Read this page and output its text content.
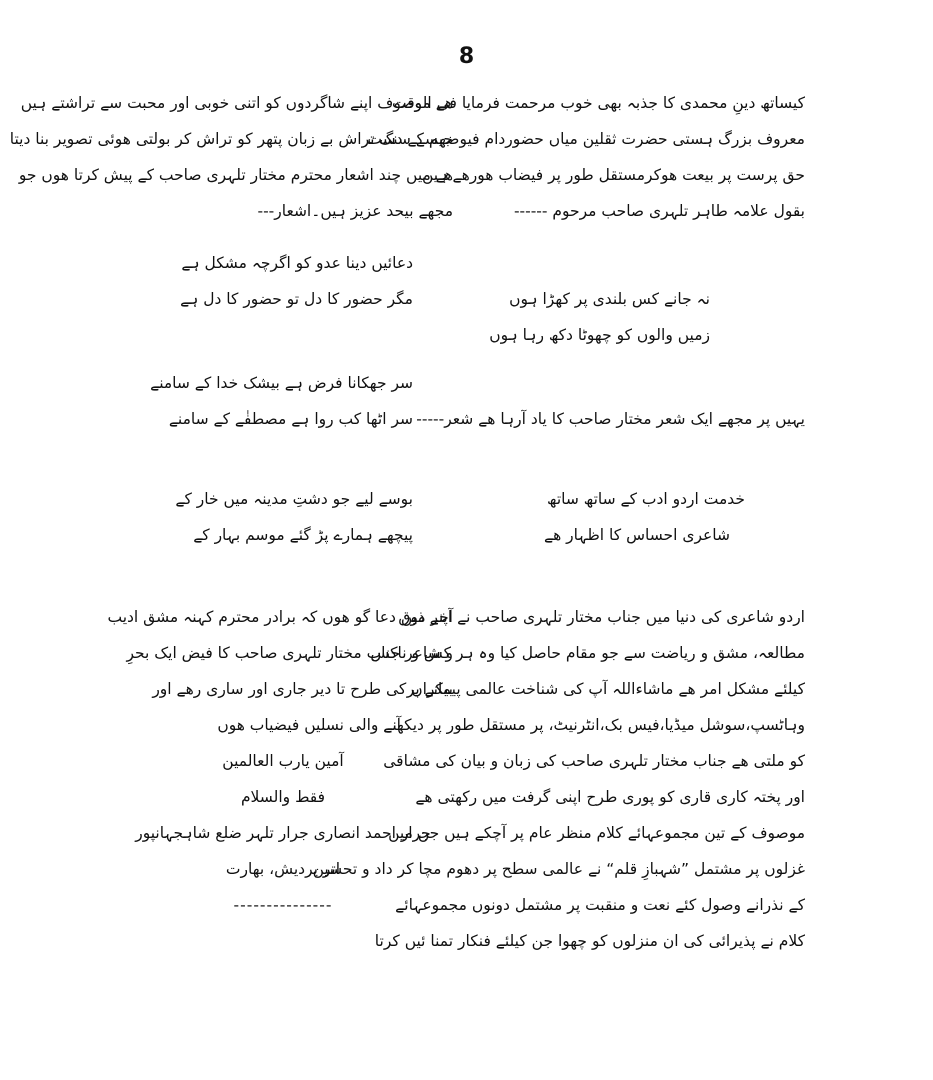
8
کیساتھ دینِ محمدی کا جذبہ بھی خوب مرحمت فرمایا فی الوقت
معروف بزرگ ہستی حضرت ثقلین میاں حضوردام فیوضھم کے دست
حق پرست پر بیعت ھوکرمستقل طور پر فیضاب ھورھے ہیں
بقول علامہ طاہر تلہری صاحب مرحوم ------
نہ جانے کس بلندی پر کھڑا ہوں
زمیں والوں کو چھوٹا دکھ رہا ہوں
یہیں پر مجھے ایک شعر مختار صاحب کا یاد آرہا ھے شعر-----
خدمت اردو ادب کے ساتھ ساتھ
شاعری احساس کا اظہار ھے
اردو شاعری کی دنیا میں جناب مختار تلہری صاحب نے اپنے ذوق
مطالعہ، مشق و ریاضت سے جو مقام حاصل کیا وہ ہر کس و ناکس
کیلئے مشکل امر ھے ماشاءاللہ آپ کی شناخت عالمی پیمانے پر
وہاٹسپ،سوشل میڈیا،فیس بک،انٹرنیٹ، پر مستقل طور پر دیکھنے
کو ملتی ھے جناب مختار تلہری صاحب کی زبان و بیان کی مشاقی
اور پختہ کاری قاری کو پوری طرح اپنی گرفت میں رکھتی ھے
موصوف کے تین مجموعہائے کلام منظر عام پر آچکے ہیں جن میں
غزلوں پر مشتمل ”شہبازِ قلم“ نے عالمی سطح پر دھوم مچا کر داد و تحسین
کے نذرانے وصول کئے نعت و منقبت پر مشتمل دونوں مجموعہائے
کلام نے پذیرائی کی ان منزلوں کو چھوا جن کیلئے فنکار تمنا ئیں کرتا
ھے موصوف اپنے شاگردوں کو اتنی خوبی اور محبت سے تراشتے ہیں
جیسے سنگ تراش بے زبان پتھر کو تراش کر بولتی ھوئی تصویر بنا دیتا
ھے میں چند اشعار محترم مختار تلہری صاحب کے پیش کرتا ھوں جو
مجھے بیحد عزیز ہیں۔اشعار---
دعائیں دینا عدو کو اگرچہ مشکل ہے
مگر حضور کا دل تو حضور کا دل ہے
سر جھکانا فرض ہے بیشک خدا کے سامنے
سر اٹھا کب روا ہے مصطفٰے کے سامنے
بوسے لیے جو دشتِ مدینہ میں خار کے
پیچھے ہمارے پڑ گئے موسم بہار کے
آخر میں دعا گو ھوں کہ برادر محترم کہنہ مشق ادیب
و شاعر جناب مختار تلہری صاحب کا فیض ایک بحرِ
بیکراں کی طرح تا دیر جاری اور ساری رھے اور
آنے والی نسلیں فیضیاب ھوں
آمین یارب العالمین
فقط والسلام
جرار احمد انصاری جرار تلہر ضلع شاہجہانپور
اتر پردیش، بھارت
---------------
